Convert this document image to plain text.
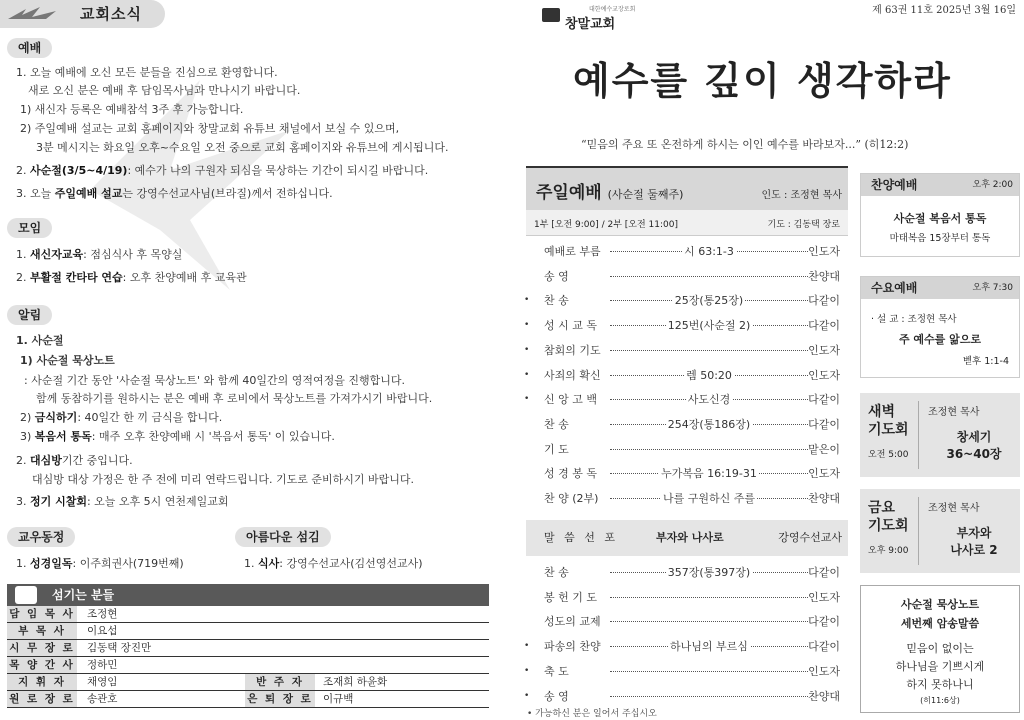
교회소식
예배
1. 오늘 예배에 오신 모든 분들을 진심으로 환영합니다.
새로 오신 분은 예배 후 담임목사님과 만나시기 바랍니다.
1) 새신자 등록은 예배참석 3주 후 가능합니다.
2) 주일예배 설교는 교회 홈페이지와 창말교회 유튜브 채널에서 보실 수 있으며,
3분 메시지는 화요일 오후~수요일 오전 중으로 교회 홈페이지와 유튜브에 게시됩니다.
2. 사순절(3/5~4/19): 예수가 나의 구원자 되심을 묵상하는 기간이 되시길 바랍니다.
3. 오늘 주일예배 설교는 강영수선교사님(브라질)께서 전하십니다.
모임
1. 새신자교육: 점심식사 후 목양실
2. 부활절 칸타타 연습: 오후 찬양예배 후 교육관
알림
1. 사순절
1) 사순절 묵상노트
: 사순절 기간 동안 '사순절 묵상노트' 와 함께 40일간의 영적여정을 진행합니다.
함께 동참하기를 원하시는 분은 예배 후 로비에서 묵상노트를 가져가시기 바랍니다.
2) 금식하기: 40일간 한 끼 금식을 합니다.
3) 복음서 통독: 매주 오후 찬양예배 시 '복음서 통독' 이 있습니다.
2. 대심방기간 중입니다.
대심방 대상 가정은 한 주 전에 미리 연락드립니다. 기도로 준비하시기 바랍니다.
3. 정기 시찰회: 오늘 오후 5시 연천제일교회
교우동정
1. 성경일독: 이주희권사(719번째)
아름다운 섬김
1. 식사: 강영수선교사(김선영선교사)
섬기는 분들
담 임 목 사 조정현
부 목 사	이요섭
시 무 장 로 김동택 장진만
목 양 간 사 정하민
지 휘 자	채영임	반 주 자	조재희 하윤화
원 로 장 로 송관호	은 퇴 장 로 이규백
대한예수교장로회
창말교회
제 63권 11호 2025년 3월 16일
예수를 깊이 생각하라
“믿음의 주요 또 온전하게 하시는 이인 예수를 바라보자...” (히12:2)
주일예배 (사순절 둘째주)	인도 : 조정현 목사
1부 [오전 9:00] / 2부 [오전 11:00]	기도 : 김동택 장로
예배로 부름	시 63:1-3	인도자
송 영	찬양대
• 찬 송	25장(통25장)	다같이
• 성 시 교 독	125번(사순절 2)	다같이
• 참회의 기도	인도자
• 사죄의 확신	렘 50:20	인도자
• 신 앙 고 백	사도신경	다같이
찬 송	254장(통186장)	다같이
기 도	맡은이
성 경 봉 독	누가복음 16:19-31	인도자
찬 양 (2부)	나를 구원하신 주를	찬양대
말 씀 선 포	부자와 나사로	강영수선교사
찬 송	357장(통397장)	다같이
봉 헌 기 도	인도자
성도의 교제	다같이
• 파송의 찬양	하나님의 부르심	다같이
• 축 도	인도자
• 송 영	찬양대
• 가능하신 분은 일어서 주십시오
찬양예배	오후 2:00
사순절 복음서 통독
마태복음 15장부터 통독
수요예배	오후 7:30
· 설 교 : 조정현 목사
주 예수를 앎으로
벧후 1:1-4
새벽
기도회
오전 5:00
조정현 목사
창세기
36~40장
금요
기도회
오후 9:00
조정현 목사
부자와
나사로 2
사순절 묵상노트
세번째 암송말씀
믿음이 없이는
하나님을 기쁘시게
하지 못하나니
(히11:6상)
